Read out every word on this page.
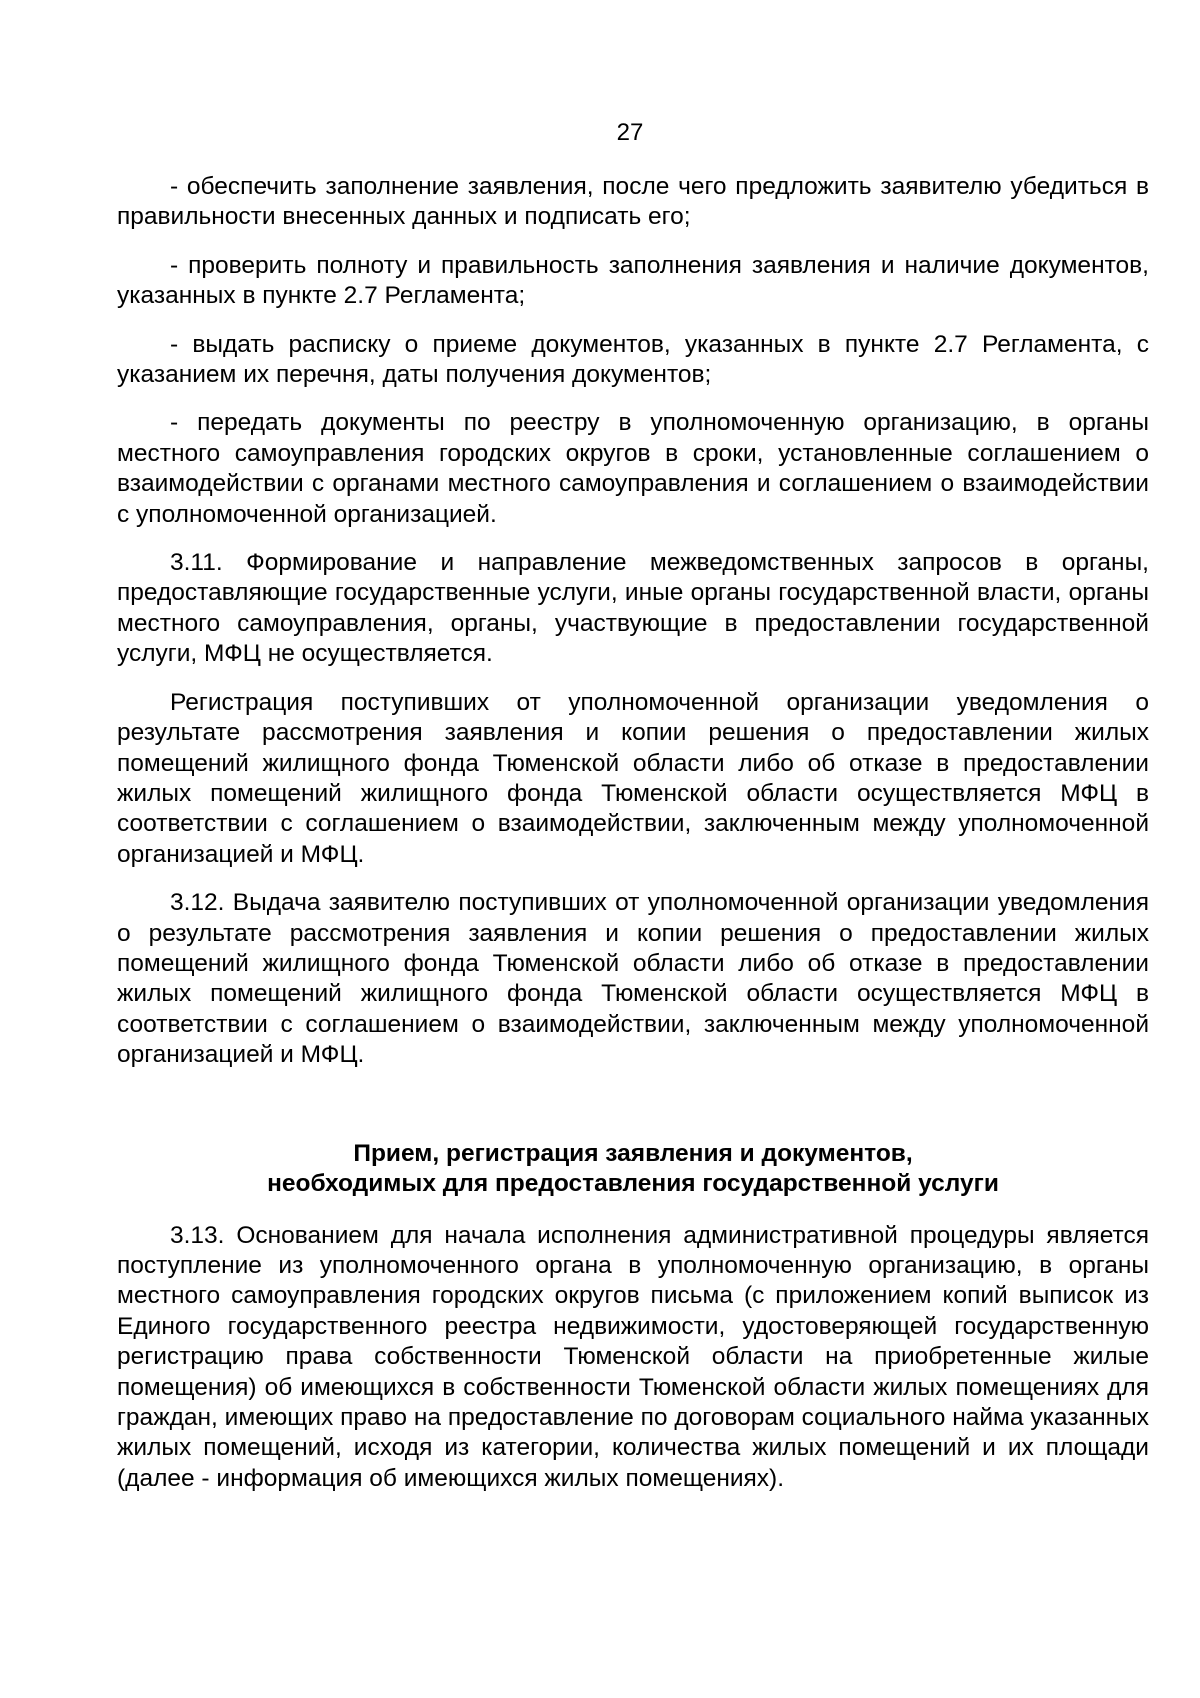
27

- обеспечить заполнение заявления, после чего предложить заявителю убедиться в правильности внесенных данных и подписать его;

- проверить полноту и правильность заполнения заявления и наличие документов, указанных в пункте 2.7 Регламента;

- выдать расписку о приеме документов, указанных в пункте 2.7 Регламента, с указанием их перечня, даты получения документов;

- передать документы по реестру в уполномоченную организацию, в органы местного самоуправления городских округов в сроки, установленные соглашением о взаимодействии с органами местного самоуправления и соглашением о взаимодействии с уполномоченной организацией.

3.11. Формирование и направление межведомственных запросов в органы, предоставляющие государственные услуги, иные органы государственной власти, органы местного самоуправления, органы, участвующие в предоставлении государственной услуги, МФЦ не осуществляется.

Регистрация поступивших от уполномоченной организации уведомления о результате рассмотрения заявления и копии решения о предоставлении жилых помещений жилищного фонда Тюменской области либо об отказе в предоставлении жилых помещений жилищного фонда Тюменской области осуществляется МФЦ в соответствии с соглашением о взаимодействии, заключенным между уполномоченной организацией и МФЦ.

3.12. Выдача заявителю поступивших от уполномоченной организации уведомления о результате рассмотрения заявления и копии решения о предоставлении жилых помещений жилищного фонда Тюменской области либо об отказе в предоставлении жилых помещений жилищного фонда Тюменской области осуществляется МФЦ в соответствии с соглашением о взаимодействии, заключенным между уполномоченной организацией и МФЦ.

Прием, регистрация заявления и документов,
необходимых для предоставления государственной услуги

3.13. Основанием для начала исполнения административной процедуры является поступление из уполномоченного органа в уполномоченную организацию, в органы местного самоуправления городских округов письма (с приложением копий выписок из Единого государственного реестра недвижимости, удостоверяющей государственную регистрацию права собственности Тюменской области на приобретенные жилые помещения) об имеющихся в собственности Тюменской области жилых помещениях для граждан, имеющих право на предоставление по договорам социального найма указанных жилых помещений, исходя из категории, количества жилых помещений и их площади (далее - информация об имеющихся жилых помещениях).
